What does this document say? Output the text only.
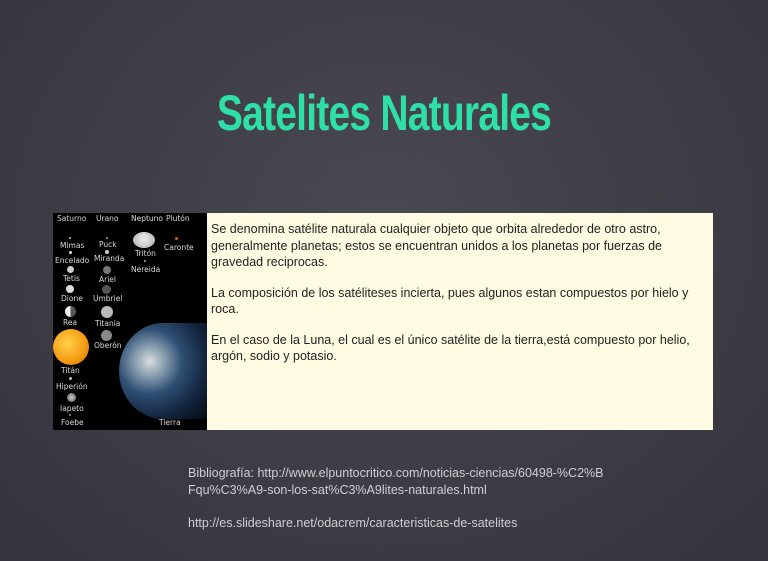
Satelites Naturales
Saturno Urano Neptuno Plutón
Mimas
Encelado
Tetis
Dione
Rea
Titán
Hiperión
Iapeto
Foebe
Puck
Miranda
Ariel
Umbriel
Titania
Oberón
Tritón
Nereida
Caronte
Tierra

Se denomina satélite naturala cualquier objeto que orbita alrededor de otro astro, generalmente planetas; estos se encuentran unidos a los planetas por fuerzas de gravedad reciprocas.

La composición de los satéliteses incierta, pues algunos estan compuestos por hielo y roca.

En el caso de la Luna, el cual es el único satélite de la tierra,está compuesto por helio, argón, sodio y potasio.

Bibliografía: http://www.elpuntocritico.com/noticias-ciencias/60498-%C2%BFqu%C3%A9-son-los-sat%C3%A9lites-naturales.html
http://es.slideshare.net/odacrem/caracteristicas-de-satelites
